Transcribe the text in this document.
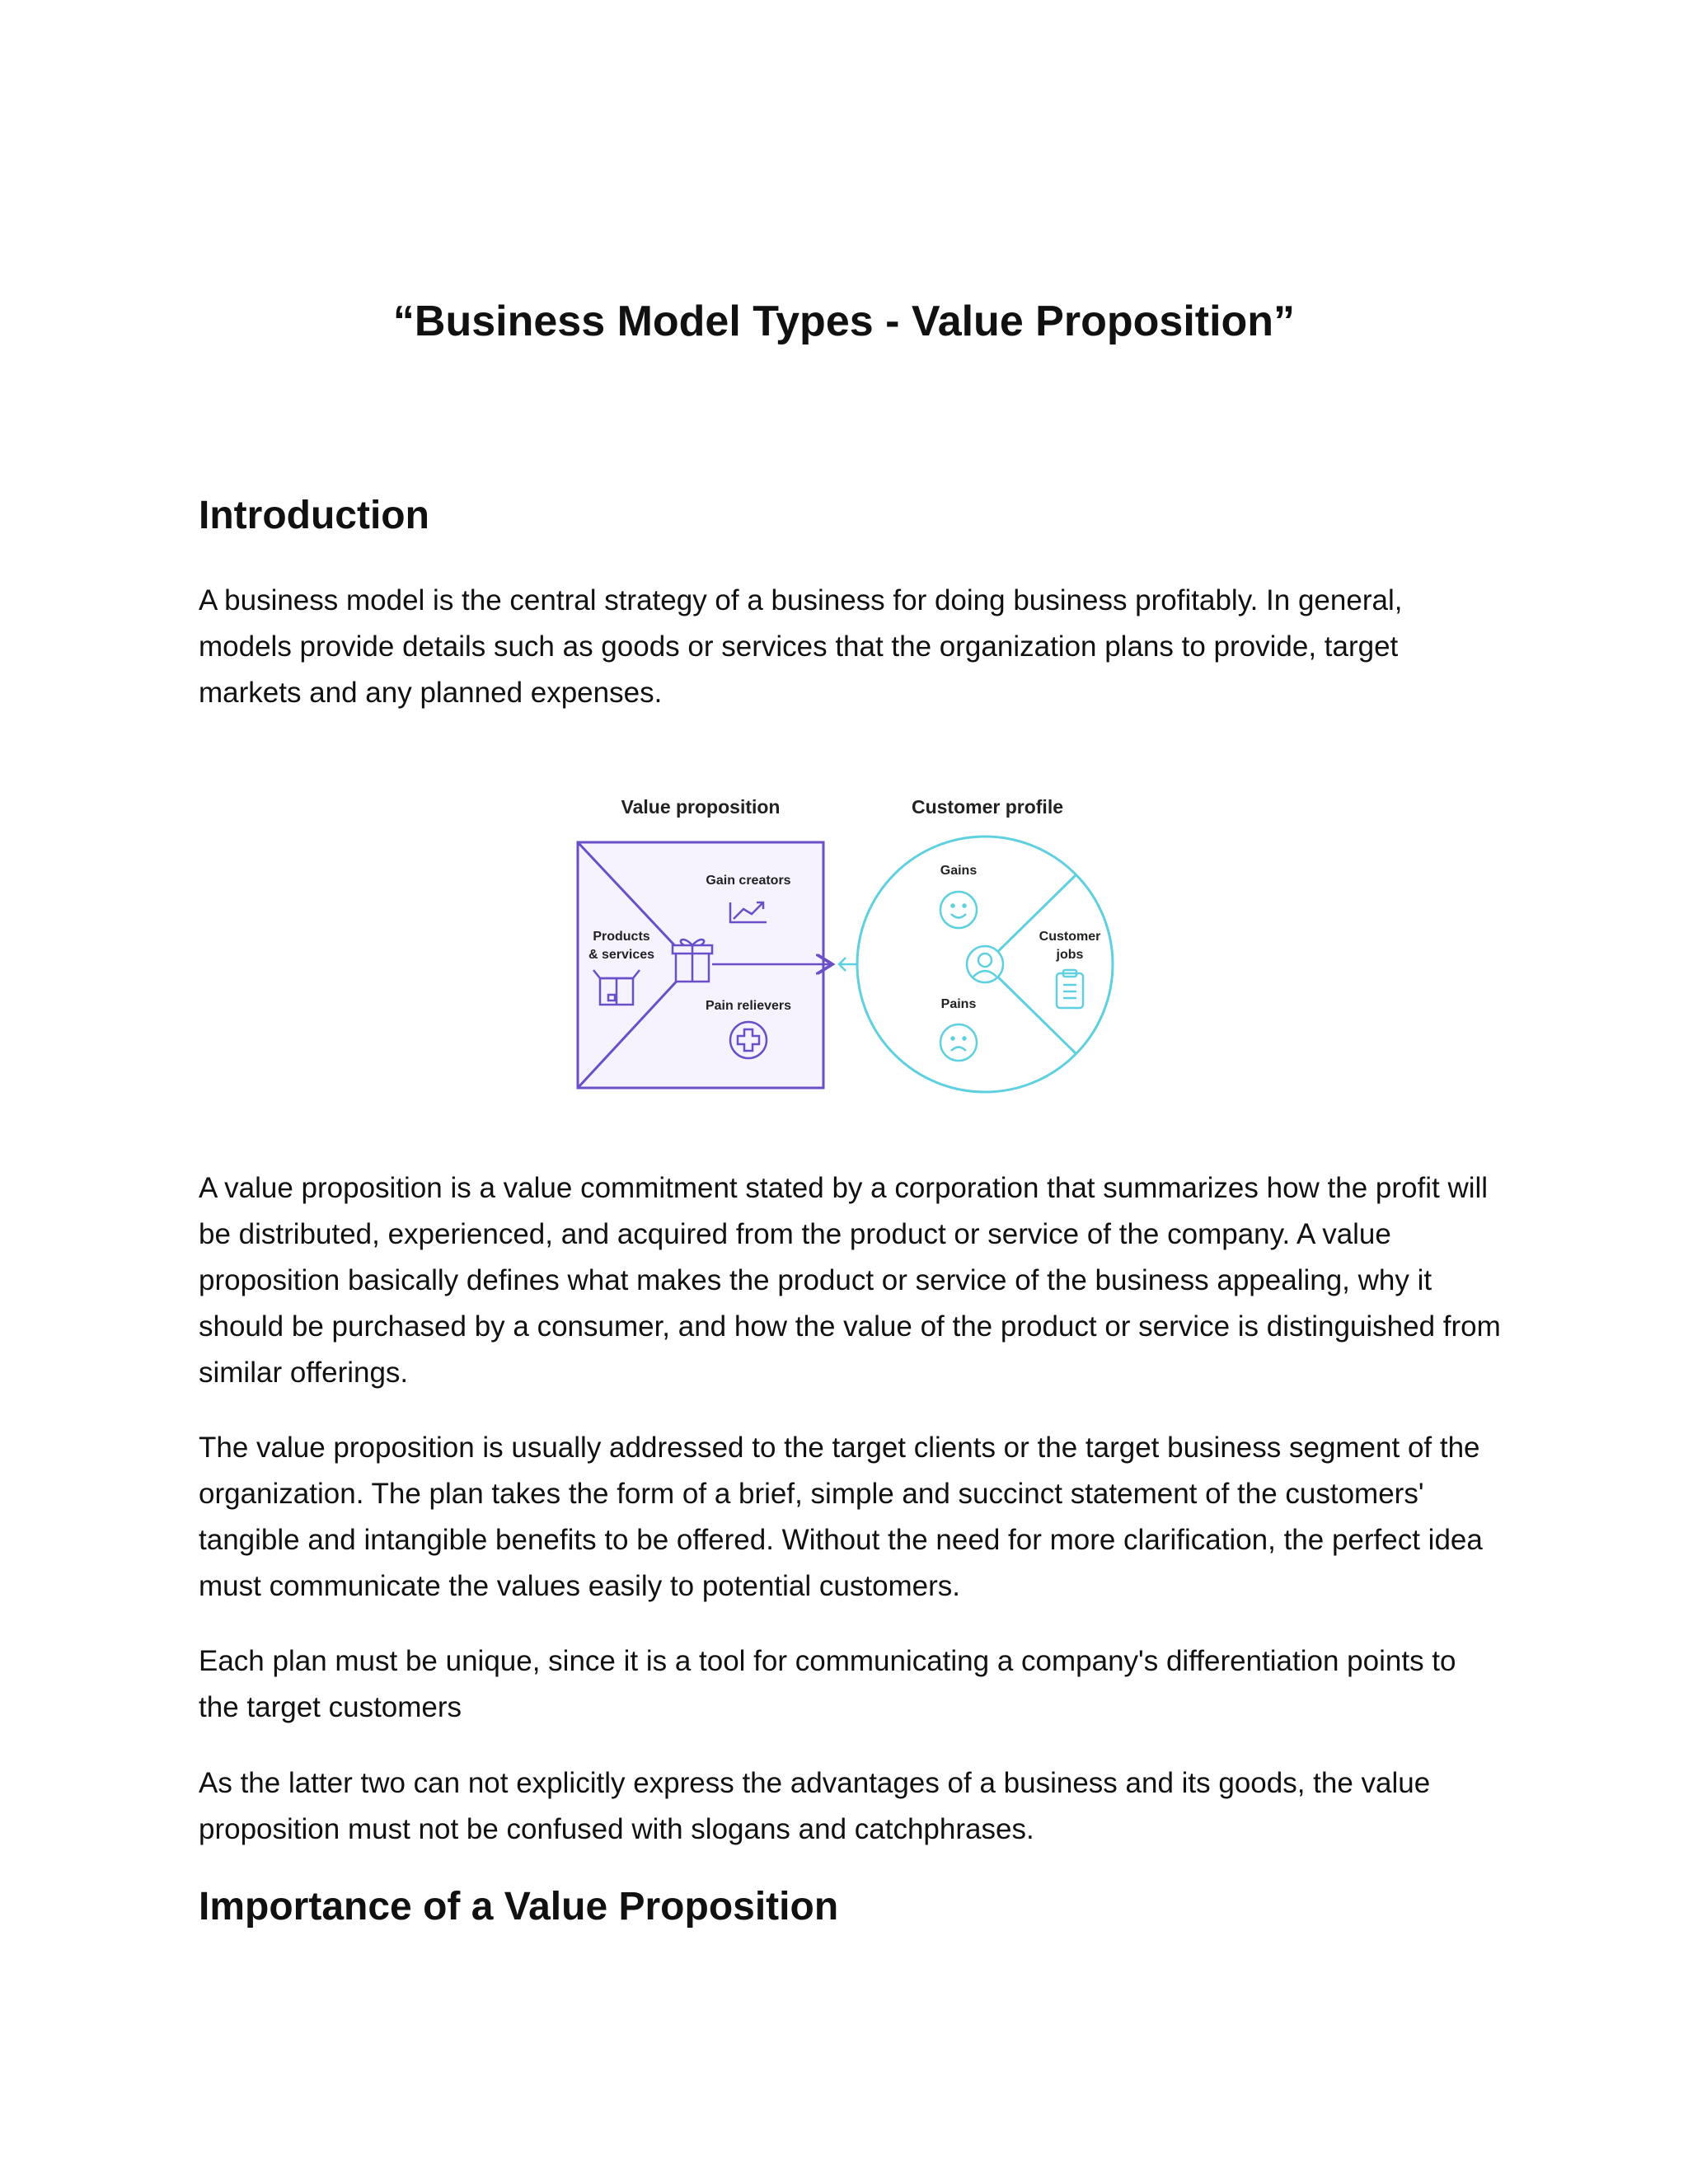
“Business Model Types - Value Proposition”
Introduction

A business model is the central strategy of a business for doing business profitably. In general, models provide details such as goods or services that the organization plans to provide, target markets and any planned expenses.

Value proposition	Customer profile
Gain creators
Products
& services
Pain relievers
Gains
Customer
jobs
Pains

A value proposition is a value commitment stated by a corporation that summarizes how the profit will be distributed, experienced, and acquired from the product or service of the company. A value proposition basically defines what makes the product or service of the business appealing, why it should be purchased by a consumer, and how the value of the product or service is distinguished from similar offerings.

The value proposition is usually addressed to the target clients or the target business segment of the organization. The plan takes the form of a brief, simple and succinct statement of the customers' tangible and intangible benefits to be offered. Without the need for more clarification, the perfect idea must communicate the values easily to potential customers.

Each plan must be unique, since it is a tool for communicating a company's differentiation points to the target customers

As the latter two can not explicitly express the advantages of a business and its goods, the value proposition must not be confused with slogans and catchphrases.

Importance of a Value Proposition
